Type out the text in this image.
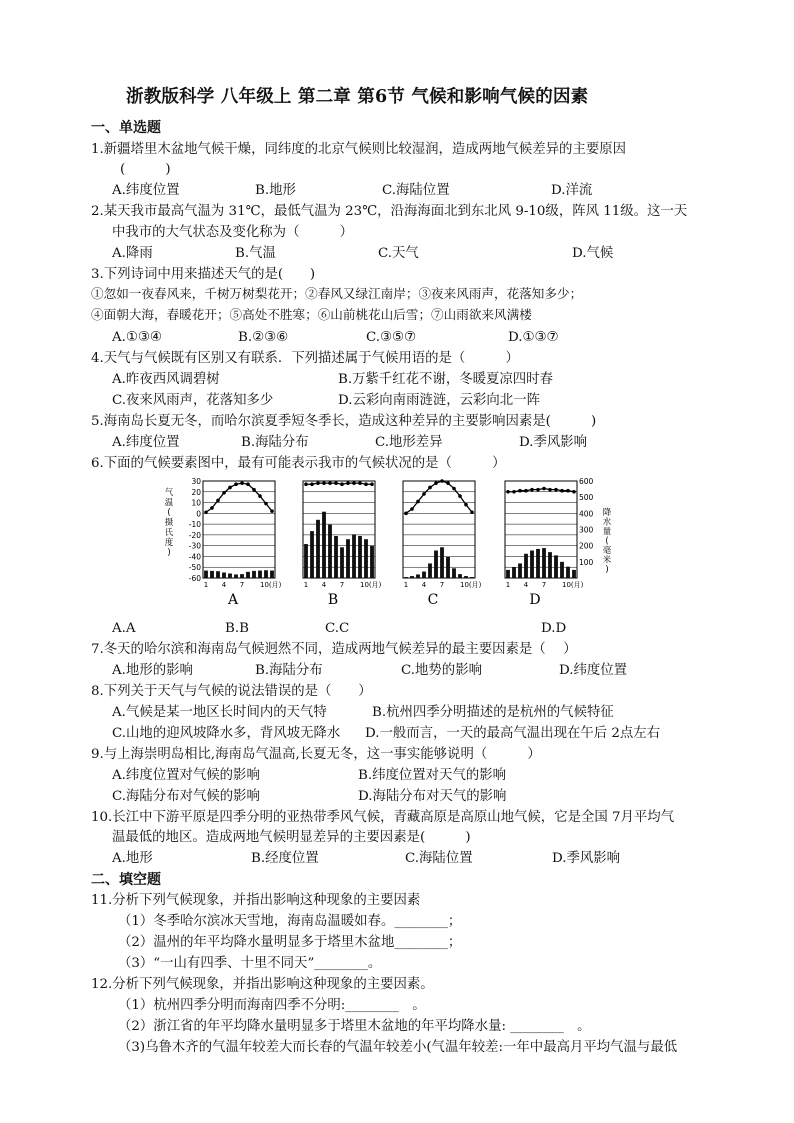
浙教版科学 八年级上 第二章 第6节 气候和影响气候的因素
一、单选题
1.新疆塔里木盆地气候干燥，同纬度的北京气候则比较湿润，造成两地气候差异的主要原因
(　　　)
A.纬度位置	B.地形	C.海陆位置	D.洋流
2.某天我市最高气温为 31℃，最低气温为 23℃，沿海海面北到东北风 9-10级，阵风 11级。这一天
中我市的大气状态及变化称为（　　　）
A.降雨	B.气温	C.天气	D.气候
3.下列诗词中用来描述天气的是(　　)
①忽如一夜春风来，千树万树梨花开；②春风又绿江南岸；③夜来风雨声，花落知多少；
④面朝大海，春暖花开；⑤高处不胜寒；⑥山前桃花山后雪；⑦山雨欲来风满楼
A.①③④	B.②③⑥	C.③⑤⑦	D.①③⑦
4.天气与气候既有区别又有联系．下列描述属于气候用语的是（　　　）
A.昨夜西风调碧树	B.万紫千红花不谢，冬暖夏凉四时春
C.夜来风雨声，花落知多少	D.云彩向南雨涟涟，云彩向北一阵
5.海南岛长夏无冬，而哈尔滨夏季短冬季长，造成这种差异的主要影响因素是(　　　)
A.纬度位置	B.海陆分布	C.地形差异	D.季风影响
6.下面的气候要素图中，最有可能表示我市的气候状况的是（　　　）
30
20
10
0
-10
-20
-30
-40
-50
-60
气
温
(
摄
氏
度
)
600
500
400
300
200
100
降
水
量
(
毫
米
)
1 4 7 10(月)
A
1 4 7 10(月)
B
1 4 7 10(月)
C
1 4 7 10(月)
D
A.A	B.B	C.C	D.D
7.冬天的哈尔滨和海南岛气候迥然不同，造成两地气候差异的最主要因素是（　 ）
A.地形的影响	B.海陆分布	C.地势的影响	D.纬度位置
8.下列关于天气与气候的说法错误的是（　　）
A.气候是某一地区长时间内的天气特	B.杭州四季分明描述的是杭州的气候特征
C.山地的迎风坡降水多，背风坡无降水 D.一般而言，一天的最高气温出现在午后 2点左右
9.与上海崇明岛相比,海南岛气温高,长夏无冬，这一事实能够说明（　　　）
A.纬度位置对气候的影响	B.纬度位置对天气的影响
C.海陆分布对气候的影响	D.海陆分布对天气的影响
10.长江中下游平原是四季分明的亚热带季风气候，青藏高原是高原山地气候，它是全国 7月平均气
温最低的地区。造成两地气候明显差异的主要因素是(　　　)
A.地形	B.经度位置	C.海陆位置	D.季风影响
二、填空题
11.分析下列气候现象，并指出影响这种现象的主要因素
（1）冬季哈尔滨冰天雪地，海南岛温暖如春。________；
（2）温州的年平均降水量明显多于塔里木盆地________；
（3）“一山有四季、十里不同天”________。
12.分析下列气候现象，并指出影响这种现象的主要因素。
（1）杭州四季分明而海南四季不分明:________　。
（2）浙江省的年平均降水量明显多于塔里木盆地的年平均降水量: ________　。
（3)乌鲁木齐的气温年较差大而长春的气温年较差小(气温年较差:一年中最高月平均气温与最低
